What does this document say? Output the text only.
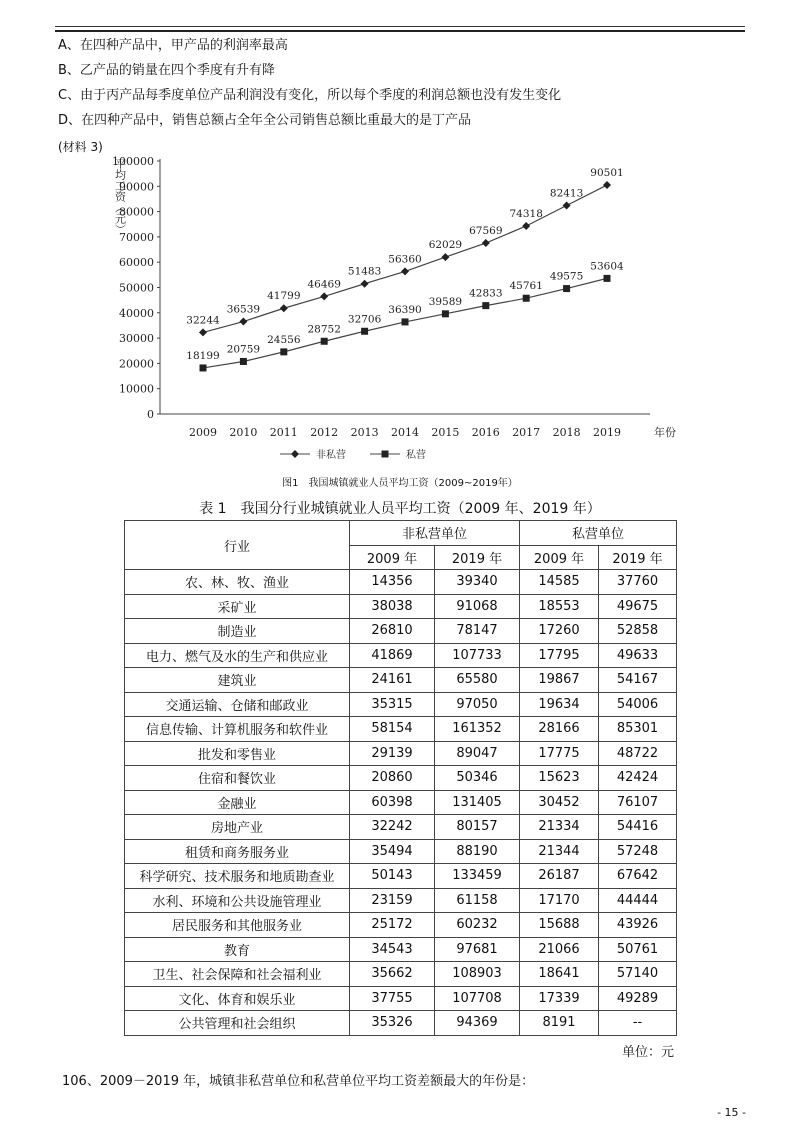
A、在四种产品中，甲产品的利润率最高
B、乙产品的销量在四个季度有升有降
C、由于丙产品每季度单位产品利润没有变化，所以每个季度的利润总额也没有发生变化
D、在四种产品中，销售总额占全年全公司销售总额比重最大的是丁产品
(材料 3)
平均工资（元）
0
10000
20000
30000
40000
50000
60000
70000
80000
90000
100000
2009 2010 2011 2012 2013 2014 2015 2016 2017 2018 2019	年份
32244
36539
41799
46469
51483
56360
62029
67569
74318
82413
90501
18199
20759
24556
28752
32706
36390
39589
42833
45761
49575
53604
非私营	私营
图1　我国城镇就业人员平均工资（2009~2019年）
表 1　我国分行业城镇就业人员平均工资（2009 年、2019 年）
行业	非私营单位		私营单位	
	2009 年	2019 年	2009 年	2019 年
农、林、牧、渔业	14356	39340	14585	37760
采矿业	38038	91068	18553	49675
制造业	26810	78147	17260	52858
电力、燃气及水的生产和供应业	41869	107733	17795	49633
建筑业	24161	65580	19867	54167
交通运输、仓储和邮政业	35315	97050	19634	54006
信息传输、计算机服务和软件业	58154	161352	28166	85301
批发和零售业	29139	89047	17775	48722
住宿和餐饮业	20860	50346	15623	42424
金融业	60398	131405	30452	76107
房地产业	32242	80157	21334	54416
租赁和商务服务业	35494	88190	21344	57248
科学研究、技术服务和地质勘查业	50143	133459	26187	67642
水利、环境和公共设施管理业	23159	61158	17170	44444
居民服务和其他服务业	25172	60232	15688	43926
教育	34543	97681	21066	50761
卫生、社会保障和社会福利业	35662	108903	18641	57140
文化、体育和娱乐业	37755	107708	17339	49289
公共管理和社会组织	35326	94369	8191	--
单位：元
106、2009－2019 年，城镇非私营单位和私营单位平均工资差额最大的年份是：
- 15 -
